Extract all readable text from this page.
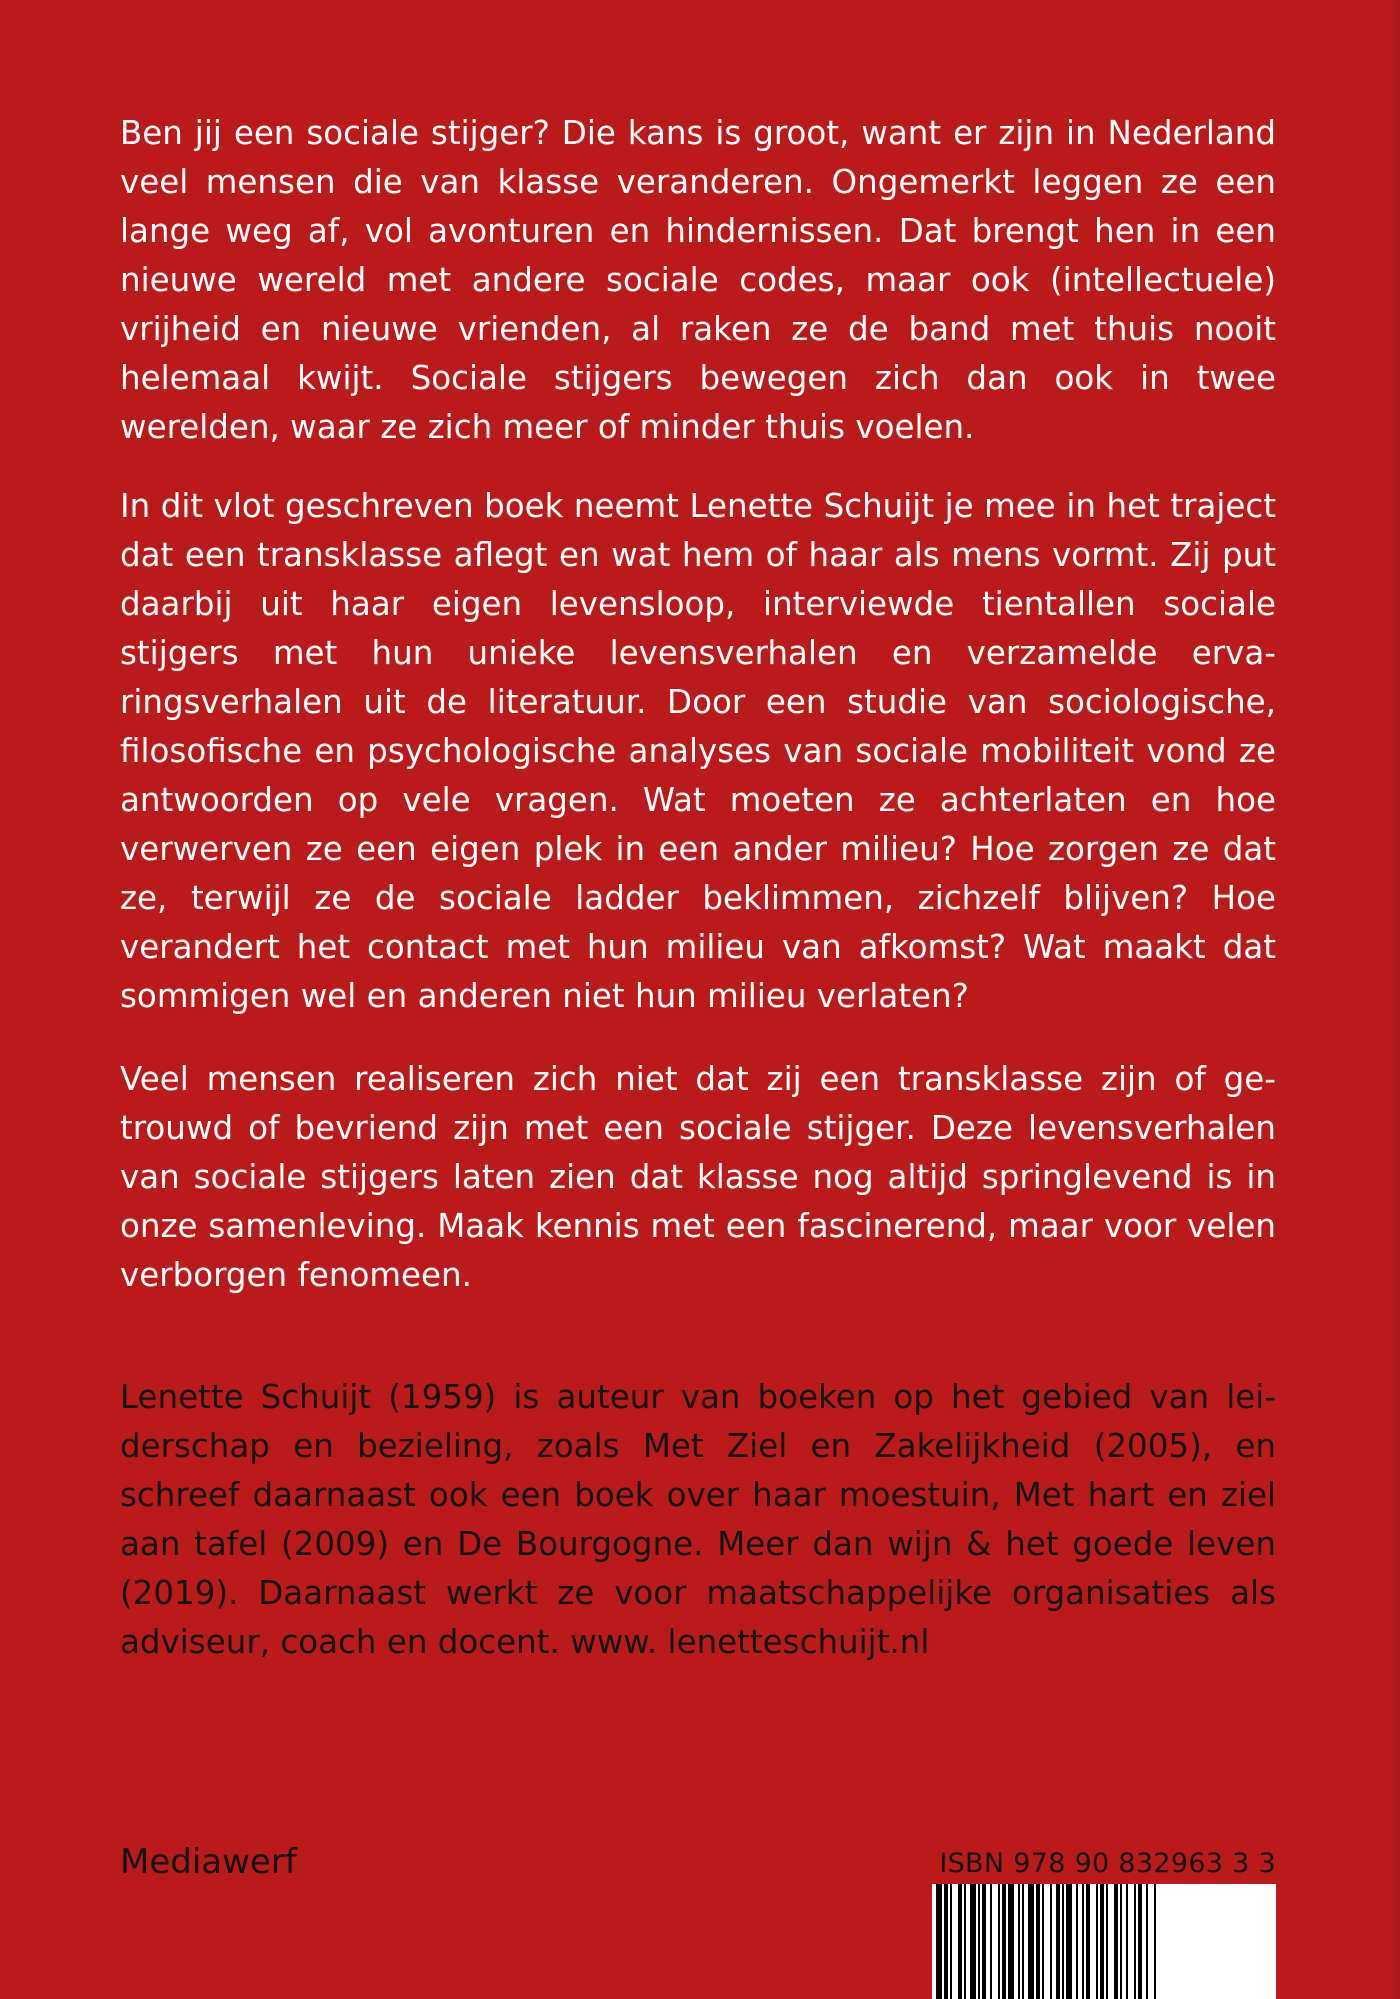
Ben jij een sociale stijger? Die kans is groot, want er zijn in Nederland veel mensen die van klasse veranderen. Ongemerkt leggen ze een lange weg af, vol avonturen en hindernissen. Dat brengt hen in een nieuwe wereld met andere sociale codes, maar ook (intellectuele) vrijheid en nieuwe vrienden, al raken ze de band met thuis nooit helemaal kwijt. Sociale stijgers bewegen zich dan ook in twee werelden, waar ze zich meer of minder thuis voelen.

In dit vlot geschreven boek neemt Lenette Schuijt je mee in het traject dat een transklasse aflegt en wat hem of haar als mens vormt. Zij put daarbij uit haar eigen levensloop, interviewde tientallen sociale stijgers met hun unieke levensverhalen en verzamelde ervaringsverhalen uit de literatuur. Door een studie van sociologische, filosofische en psychologische analyses van sociale mobiliteit vond ze antwoorden op vele vragen. Wat moeten ze achterlaten en hoe verwerven ze een eigen plek in een ander milieu? Hoe zorgen ze dat ze, terwijl ze de sociale ladder beklimmen, zichzelf blijven? Hoe verandert het contact met hun milieu van afkomst? Wat maakt dat sommigen wel en anderen niet hun milieu verlaten?

Veel mensen realiseren zich niet dat zij een transklasse zijn of getrouwd of bevriend zijn met een sociale stijger. Deze levensverhalen van sociale stijgers laten zien dat klasse nog altijd springlevend is in onze samenleving. Maak kennis met een fascinerend, maar voor velen verborgen fenomeen.

Lenette Schuijt (1959) is auteur van boeken op het gebied van leiderschap en bezieling, zoals Met Ziel en Zakelijkheid (2005), en schreef daarnaast ook een boek over haar moestuin, Met hart en ziel aan tafel (2009) en De Bourgogne. Meer dan wijn & het goede leven (2019). Daarnaast werkt ze voor maatschappelijke organisaties als adviseur, coach en docent. www. lenetteschuijt.nl

Mediawerf	ISBN 978 90 832963 3 3
